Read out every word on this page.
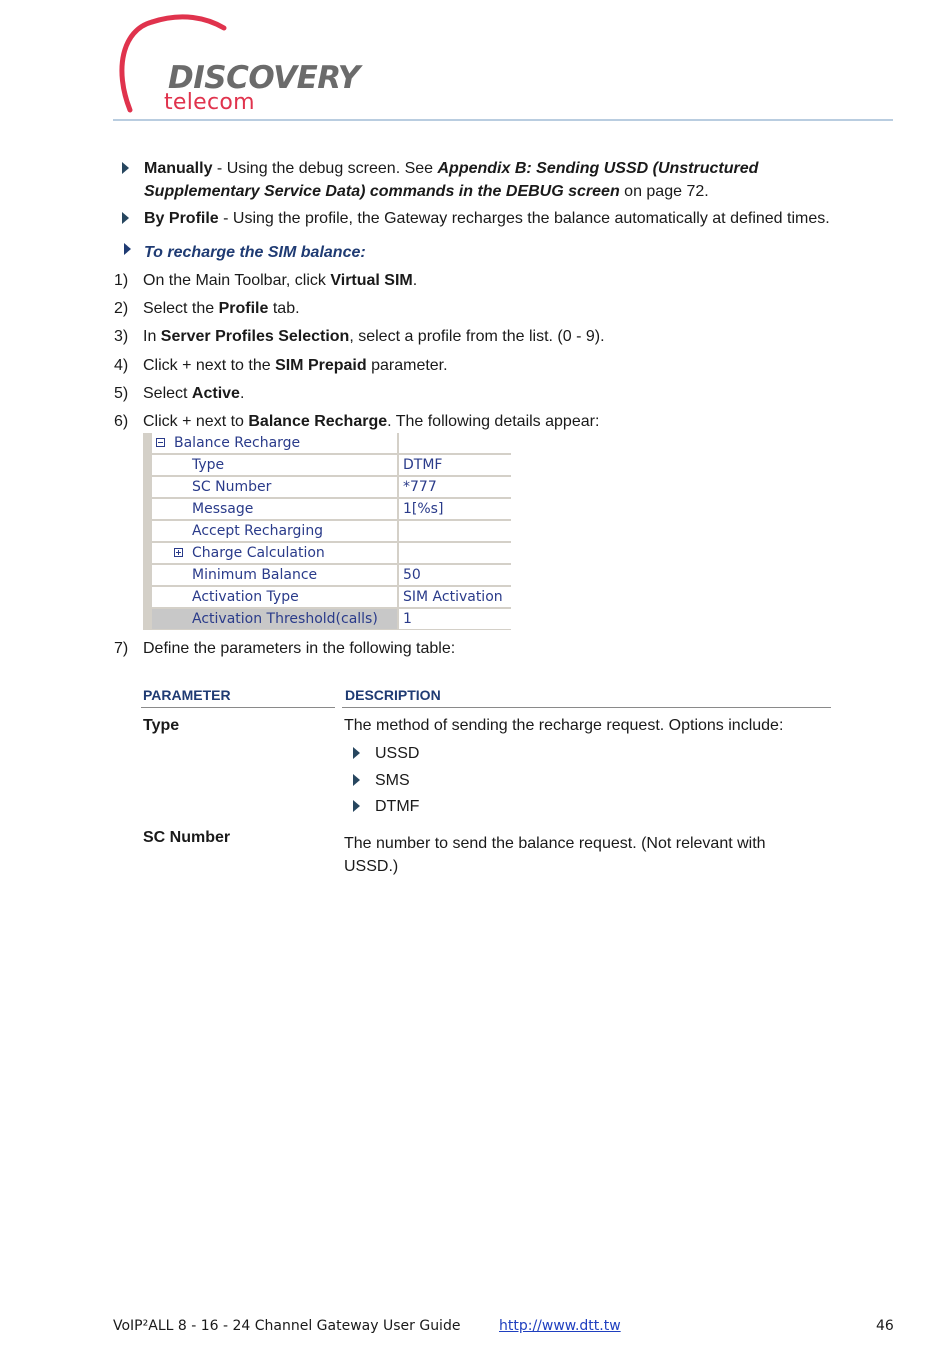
DISCOVERY
telecom
Manually - Using the debug screen. See Appendix B: Sending USSD (Unstructured
Supplementary Service Data) commands in the DEBUG screen on page 72.
By Profile - Using the profile, the Gateway recharges the balance automatically at defined times.
To recharge the SIM balance:
1) On the Main Toolbar, click Virtual SIM.
2) Select the Profile tab.
3) In Server Profiles Selection, select a profile from the list. (0 - 9).
4) Click + next to the SIM Prepaid parameter.
5) Select Active.
6) Click + next to Balance Recharge. The following details appear:
Balance Recharge
Type	DTMF
SC Number	*777
Message	1[%s]
Accept Recharging
Charge Calculation
Minimum Balance	50
Activation Type	SIM Activation
Activation Threshold(calls) 1
7) Define the parameters in the following table:
PARAMETER	DESCRIPTION
Type	The method of sending the recharge request. Options include:
USSD
SMS
DTMF
SC Number	The number to send the balance request. (Not relevant with
USSD.)
VoIP²ALL 8 - 16 - 24 Channel Gateway User Guide	http://www.dtt.tw	46
